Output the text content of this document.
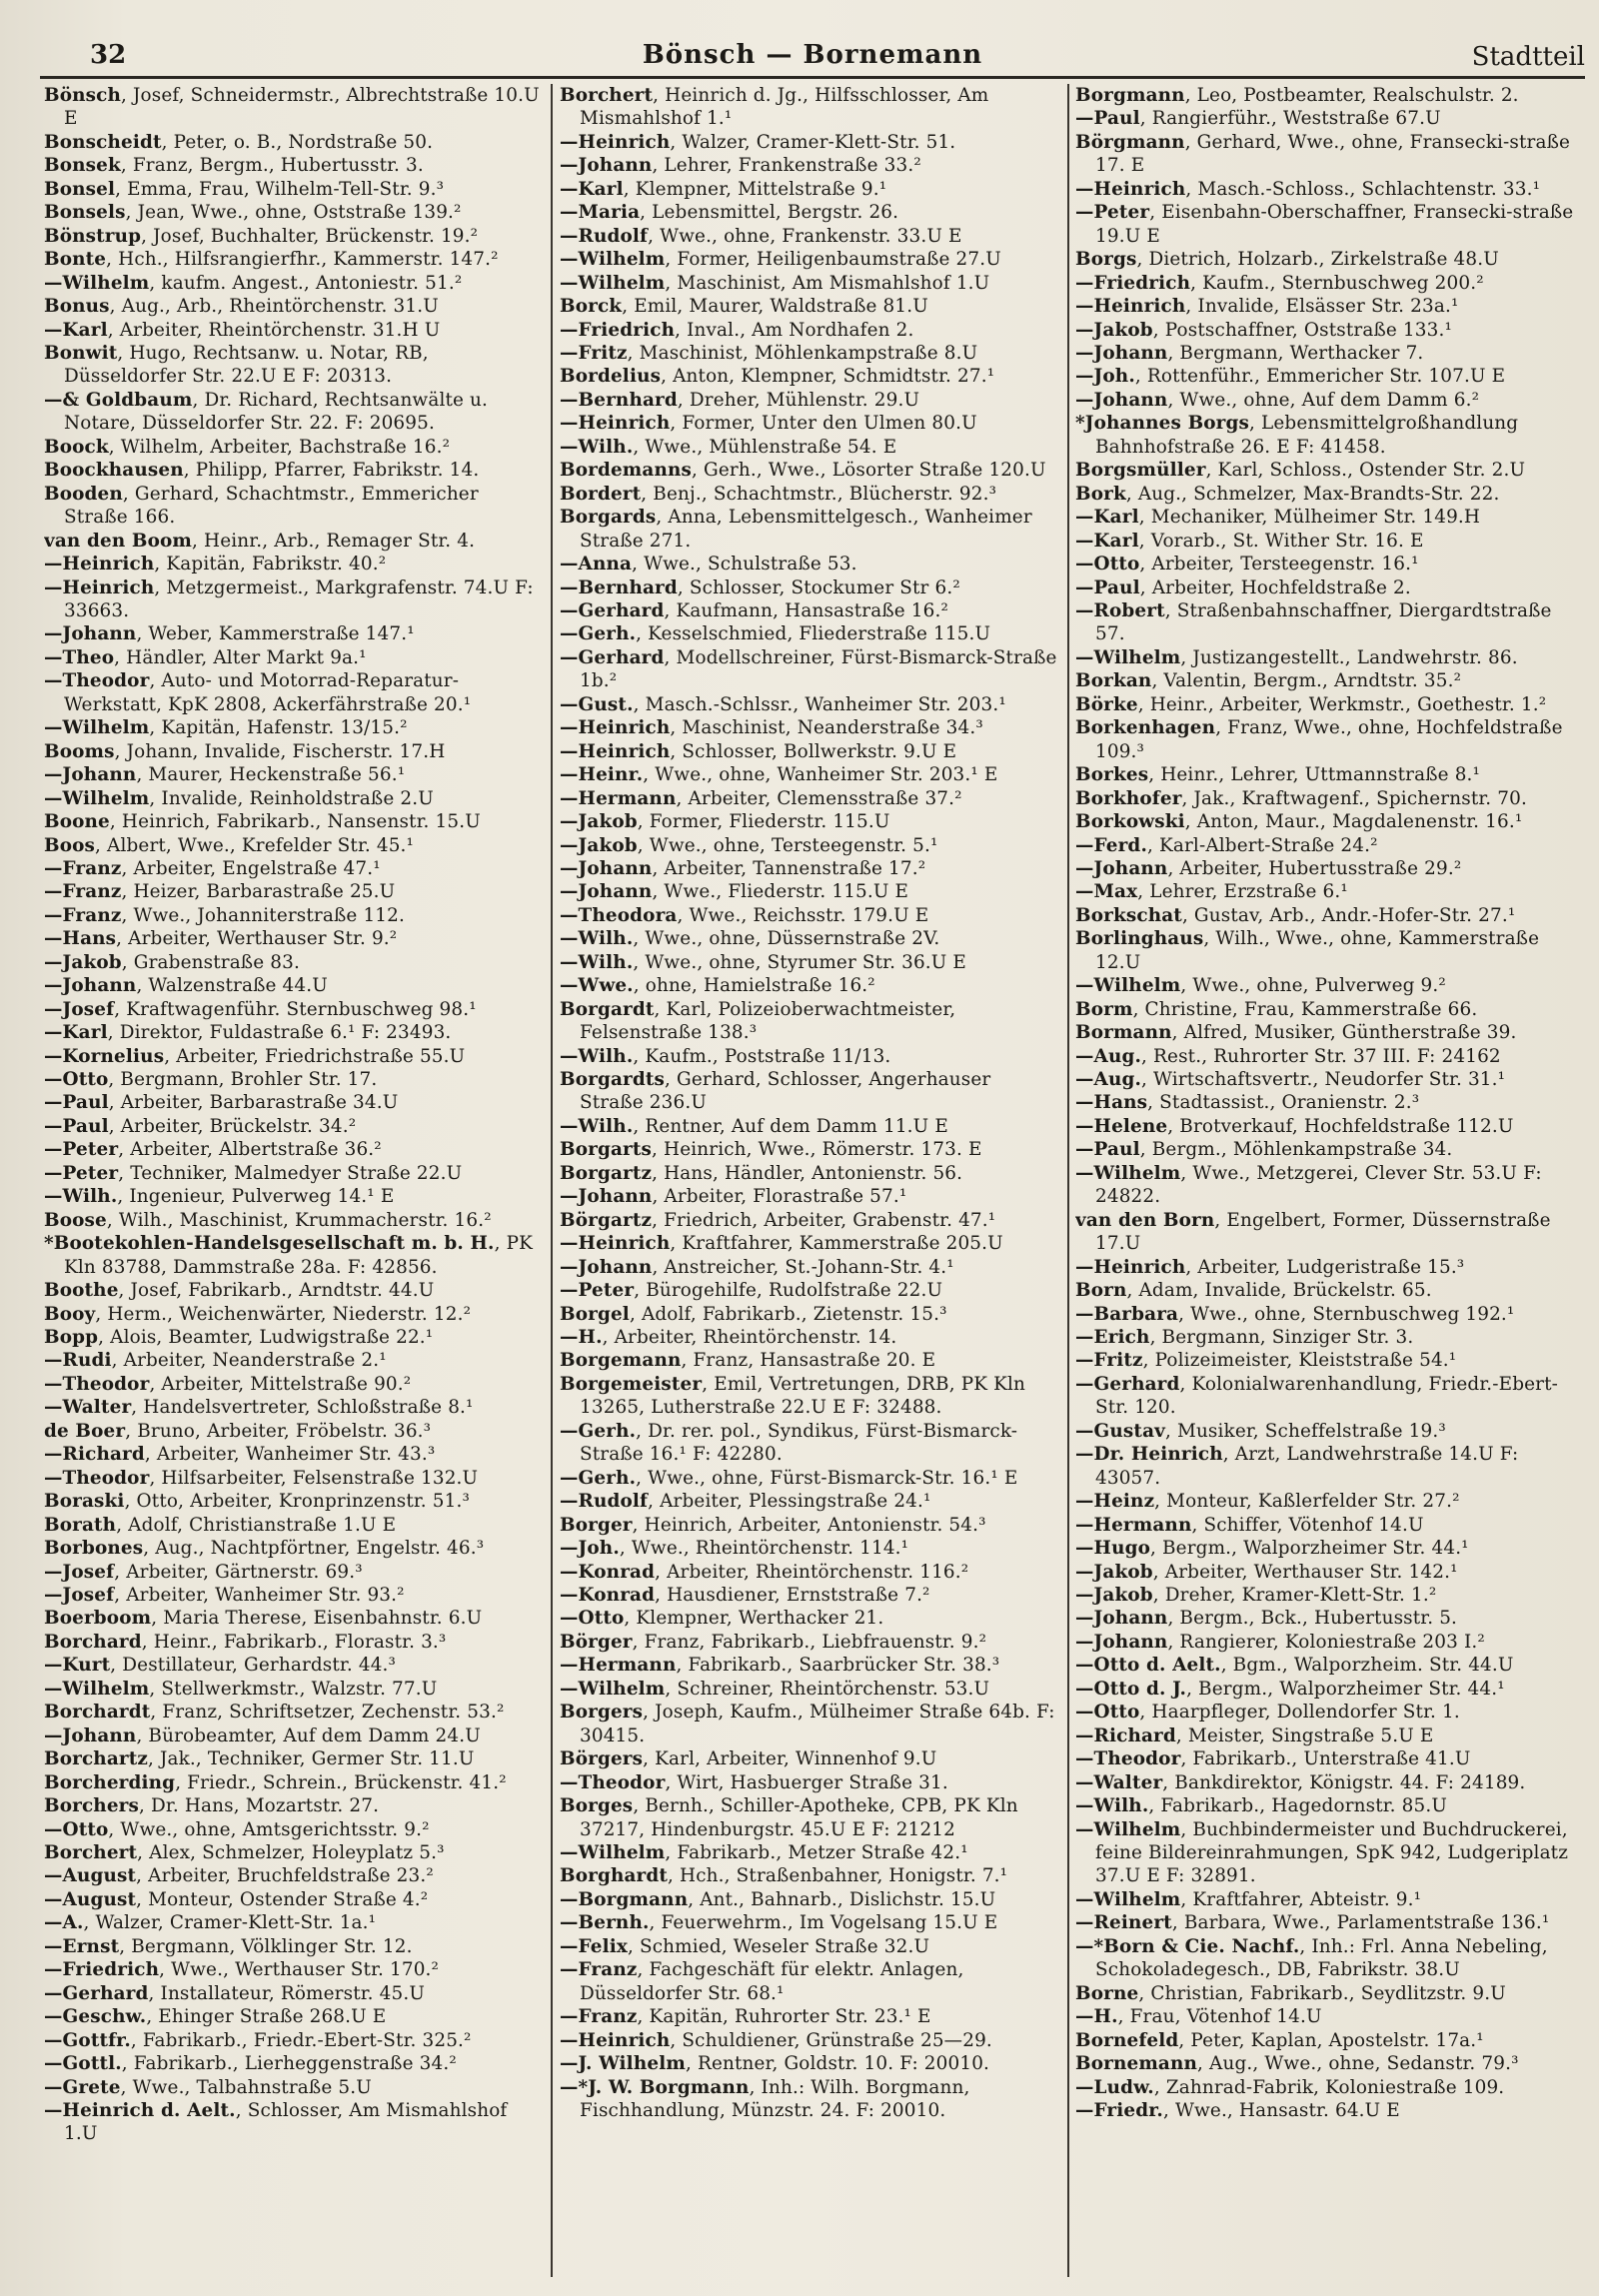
32	Bönsch — Bornemann	Stadtteil
Bönsch, Josef, Schneidermstr., Albrechtstraße 10.U E
Bonscheidt, Peter, o. B., Nordstraße 50.
Bonsek, Franz, Bergm., Hubertusstr. 3.
Bonsel, Emma, Frau, Wilhelm-Tell-Str. 9.³
Bonsels, Jean, Wwe., ohne, Oststraße 139.²
Bönstrup, Josef, Buchhalter, Brückenstr. 19.²
Bonte, Hch., Hilfsrangierfhr., Kammerstr. 147.²
—Wilhelm, kaufm. Angest., Antoniestr. 51.²
Bonus, Aug., Arb., Rheintörchenstr. 31.U
—Karl, Arbeiter, Rheintörchenstr. 31.H U
Bonwit, Hugo, Rechtsanw. u. Notar, RB, Düsseldorfer Str. 22.U E F: 20313.
—& Goldbaum, Dr. Richard, Rechtsanwälte u. Notare, Düsseldorfer Str. 22. F: 20695.
Boock, Wilhelm, Arbeiter, Bachstraße 16.²
Boockhausen, Philipp, Pfarrer, Fabrikstr. 14.
Booden, Gerhard, Schachtmstr., Emmericher Straße 166.
van den Boom, Heinr., Arb., Remager Str. 4.
—Heinrich, Kapitän, Fabrikstr. 40.²
—Heinrich, Metzgermeist., Markgrafenstr. 74.U F: 33663.
—Johann, Weber, Kammerstraße 147.¹
—Theo, Händler, Alter Markt 9a.¹
—Theodor, Auto- und Motorrad-Reparatur-Werkstatt, KpK 2808, Ackerfährstraße 20.¹
—Wilhelm, Kapitän, Hafenstr. 13/15.²
Booms, Johann, Invalide, Fischerstr. 17.H
—Johann, Maurer, Heckenstraße 56.¹
—Wilhelm, Invalide, Reinholdstraße 2.U
Boone, Heinrich, Fabrikarb., Nansenstr. 15.U
Boos, Albert, Wwe., Krefelder Str. 45.¹
—Franz, Arbeiter, Engelstraße 47.¹
—Franz, Heizer, Barbarastraße 25.U
—Franz, Wwe., Johanniterstraße 112.
—Hans, Arbeiter, Werthauser Str. 9.²
—Jakob, Grabenstraße 83.
—Johann, Walzenstraße 44.U
—Josef, Kraftwagenführ. Sternbuschweg 98.¹
—Karl, Direktor, Fuldastraße 6.¹ F: 23493.
—Kornelius, Arbeiter, Friedrichstraße 55.U
—Otto, Bergmann, Brohler Str. 17.
—Paul, Arbeiter, Barbarastraße 34.U
—Paul, Arbeiter, Brückelstr. 34.²
—Peter, Arbeiter, Albertstraße 36.²
—Peter, Techniker, Malmedyer Straße 22.U
—Wilh., Ingenieur, Pulverweg 14.¹ E
Boose, Wilh., Maschinist, Krummacherstr. 16.²
*Bootekohlen-Handelsgesellschaft m. b. H., PK Kln 83788, Dammstraße 28a. F: 42856.
Boothe, Josef, Fabrikarb., Arndtstr. 44.U
Booy, Herm., Weichenwärter, Niederstr. 12.²
Bopp, Alois, Beamter, Ludwigstraße 22.¹
—Rudi, Arbeiter, Neanderstraße 2.¹
—Theodor, Arbeiter, Mittelstraße 90.²
—Walter, Handelsvertreter, Schloßstraße 8.¹
de Boer, Bruno, Arbeiter, Fröbelstr. 36.³
—Richard, Arbeiter, Wanheimer Str. 43.³
—Theodor, Hilfsarbeiter, Felsenstraße 132.U
Boraski, Otto, Arbeiter, Kronprinzenstr. 51.³
Borath, Adolf, Christianstraße 1.U E
Borbones, Aug., Nachtpförtner, Engelstr. 46.³
—Josef, Arbeiter, Gärtnerstr. 69.³
—Josef, Arbeiter, Wanheimer Str. 93.²
Boerboom, Maria Therese, Eisenbahnstr. 6.U
Borchard, Heinr., Fabrikarb., Florastr. 3.³
—Kurt, Destillateur, Gerhardstr. 44.³
—Wilhelm, Stellwerkmstr., Walzstr. 77.U
Borchardt, Franz, Schriftsetzer, Zechenstr. 53.²
—Johann, Bürobeamter, Auf dem Damm 24.U
Borchartz, Jak., Techniker, Germer Str. 11.U
Borcherding, Friedr., Schrein., Brückenstr. 41.²
Borchers, Dr. Hans, Mozartstr. 27.
—Otto, Wwe., ohne, Amtsgerichtsstr. 9.²
Borchert, Alex, Schmelzer, Holeyplatz 5.³
—August, Arbeiter, Bruchfeldstraße 23.²
—August, Monteur, Ostender Straße 4.²
—A., Walzer, Cramer-Klett-Str. 1a.¹
—Ernst, Bergmann, Völklinger Str. 12.
—Friedrich, Wwe., Werthauser Str. 170.²
—Gerhard, Installateur, Römerstr. 45.U
—Geschw., Ehinger Straße 268.U E
—Gottfr., Fabrikarb., Friedr.-Ebert-Str. 325.²
—Gottl., Fabrikarb., Lierheggenstraße 34.²
—Grete, Wwe., Talbahnstraße 5.U
—Heinrich d. Aelt., Schlosser, Am Mismahlshof 1.U
Borchert, Heinrich d. Jg., Hilfsschlosser, Am Mismahlshof 1.¹
—Heinrich, Walzer, Cramer-Klett-Str. 51.
—Johann, Lehrer, Frankenstraße 33.²
—Karl, Klempner, Mittelstraße 9.¹
—Maria, Lebensmittel, Bergstr. 26.
—Rudolf, Wwe., ohne, Frankenstr. 33.U E
—Wilhelm, Former, Heiligenbaumstraße 27.U
—Wilhelm, Maschinist, Am Mismahlshof 1.U
Borck, Emil, Maurer, Waldstraße 81.U
—Friedrich, Inval., Am Nordhafen 2.
—Fritz, Maschinist, Möhlenkampstraße 8.U
Bordelius, Anton, Klempner, Schmidtstr. 27.¹
—Bernhard, Dreher, Mühlenstr. 29.U
—Heinrich, Former, Unter den Ulmen 80.U
—Wilh., Wwe., Mühlenstraße 54. E
Bordemanns, Gerh., Wwe., Lösorter Straße 120.U
Bordert, Benj., Schachtmstr., Blücherstr. 92.³
Borgards, Anna, Lebensmittelgesch., Wanheimer Straße 271.
—Anna, Wwe., Schulstraße 53.
—Bernhard, Schlosser, Stockumer Str 6.²
—Gerhard, Kaufmann, Hansastraße 16.²
—Gerh., Kesselschmied, Fliederstraße 115.U
—Gerhard, Modellschreiner, Fürst-Bismarck-Straße 1b.²
—Gust., Masch.-Schlssr., Wanheimer Str. 203.¹
—Heinrich, Maschinist, Neanderstraße 34.³
—Heinrich, Schlosser, Bollwerkstr. 9.U E
—Heinr., Wwe., ohne, Wanheimer Str. 203.¹ E
—Hermann, Arbeiter, Clemensstraße 37.²
—Jakob, Former, Fliederstr. 115.U
—Jakob, Wwe., ohne, Tersteegenstr. 5.¹
—Johann, Arbeiter, Tannenstraße 17.²
—Johann, Wwe., Fliederstr. 115.U E
—Theodora, Wwe., Reichsstr. 179.U E
—Wilh., Wwe., ohne, Düssernstraße 2V.
—Wilh., Wwe., ohne, Styrumer Str. 36.U E
—Wwe., ohne, Hamielstraße 16.²
Borgardt, Karl, Polizeioberwachtmeister, Felsenstraße 138.³
—Wilh., Kaufm., Poststraße 11/13.
Borgardts, Gerhard, Schlosser, Angerhauser Straße 236.U
—Wilh., Rentner, Auf dem Damm 11.U E
Borgarts, Heinrich, Wwe., Römerstr. 173. E
Borgartz, Hans, Händler, Antonienstr. 56.
—Johann, Arbeiter, Florastraße 57.¹
Börgartz, Friedrich, Arbeiter, Grabenstr. 47.¹
—Heinrich, Kraftfahrer, Kammerstraße 205.U
—Johann, Anstreicher, St.-Johann-Str. 4.¹
—Peter, Bürogehilfe, Rudolfstraße 22.U
Borgel, Adolf, Fabrikarb., Zietenstr. 15.³
—H., Arbeiter, Rheintörchenstr. 14.
Borgemann, Franz, Hansastraße 20. E
Borgemeister, Emil, Vertretungen, DRB, PK Kln 13265, Lutherstraße 22.U E F: 32488.
—Gerh., Dr. rer. pol., Syndikus, Fürst-Bismarck-Straße 16.¹ F: 42280.
—Gerh., Wwe., ohne, Fürst-Bismarck-Str. 16.¹ E
—Rudolf, Arbeiter, Plessingstraße 24.¹
Borger, Heinrich, Arbeiter, Antonienstr. 54.³
—Joh., Wwe., Rheintörchenstr. 114.¹
—Konrad, Arbeiter, Rheintörchenstr. 116.²
—Konrad, Hausdiener, Ernststraße 7.²
—Otto, Klempner, Werthacker 21.
Börger, Franz, Fabrikarb., Liebfrauenstr. 9.²
—Hermann, Fabrikarb., Saarbrücker Str. 38.³
—Wilhelm, Schreiner, Rheintörchenstr. 53.U
Borgers, Joseph, Kaufm., Mülheimer Straße 64b. F: 30415.
Börgers, Karl, Arbeiter, Winnenhof 9.U
—Theodor, Wirt, Hasbuerger Straße 31.
Borges, Bernh., Schiller-Apotheke, CPB, PK Kln 37217, Hindenburgstr. 45.U E F: 21212
—Wilhelm, Fabrikarb., Metzer Straße 42.¹
Borghardt, Hch., Straßenbahner, Honigstr. 7.¹
—Borgmann, Ant., Bahnarb., Dislichstr. 15.U
—Bernh., Feuerwehrm., Im Vogelsang 15.U E
—Felix, Schmied, Weseler Straße 32.U
—Franz, Fachgeschäft für elektr. Anlagen, Düsseldorfer Str. 68.¹
—Franz, Kapitän, Ruhrorter Str. 23.¹ E
—Heinrich, Schuldiener, Grünstraße 25—29.
—J. Wilhelm, Rentner, Goldstr. 10. F: 20010.
—*J. W. Borgmann, Inh.: Wilh. Borgmann, Fischhandlung, Münzstr. 24. F: 20010.
Borgmann, Leo, Postbeamter, Realschulstr. 2.
—Paul, Rangierführ., Weststraße 67.U
Börgmann, Gerhard, Wwe., ohne, Fransecki-straße 17. E
—Heinrich, Masch.-Schloss., Schlachtenstr. 33.¹
—Peter, Eisenbahn-Oberschaffner, Fransecki-straße 19.U E
Borgs, Dietrich, Holzarb., Zirkelstraße 48.U
—Friedrich, Kaufm., Sternbuschweg 200.²
—Heinrich, Invalide, Elsässer Str. 23a.¹
—Jakob, Postschaffner, Oststraße 133.¹
—Johann, Bergmann, Werthacker 7.
—Joh., Rottenführ., Emmericher Str. 107.U E
—Johann, Wwe., ohne, Auf dem Damm 6.²
*Johannes Borgs, Lebensmittelgroßhandlung Bahnhofstraße 26. E F: 41458.
Borgsmüller, Karl, Schloss., Ostender Str. 2.U
Bork, Aug., Schmelzer, Max-Brandts-Str. 22.
—Karl, Mechaniker, Mülheimer Str. 149.H
—Karl, Vorarb., St. Wither Str. 16. E
—Otto, Arbeiter, Tersteegenstr. 16.¹
—Paul, Arbeiter, Hochfeldstraße 2.
—Robert, Straßenbahnschaffner, Diergardtstraße 57.
—Wilhelm, Justizangestellt., Landwehrstr. 86.
Borkan, Valentin, Bergm., Arndtstr. 35.²
Börke, Heinr., Arbeiter, Werkmstr., Goethestr. 1.²
Borkenhagen, Franz, Wwe., ohne, Hochfeldstraße 109.³
Borkes, Heinr., Lehrer, Uttmannstraße 8.¹
Borkhofer, Jak., Kraftwagenf., Spichernstr. 70.
Borkowski, Anton, Maur., Magdalenenstr. 16.¹
—Ferd., Karl-Albert-Straße 24.²
—Johann, Arbeiter, Hubertusstraße 29.²
—Max, Lehrer, Erzstraße 6.¹
Borkschat, Gustav, Arb., Andr.-Hofer-Str. 27.¹
Borlinghaus, Wilh., Wwe., ohne, Kammerstraße 12.U
—Wilhelm, Wwe., ohne, Pulverweg 9.²
Borm, Christine, Frau, Kammerstraße 66.
Bormann, Alfred, Musiker, Güntherstraße 39.
—Aug., Rest., Ruhrorter Str. 37 III. F: 24162
—Aug., Wirtschaftsvertr., Neudorfer Str. 31.¹
—Hans, Stadtassist., Oranienstr. 2.³
—Helene, Brotverkauf, Hochfeldstraße 112.U
—Paul, Bergm., Möhlenkampstraße 34.
—Wilhelm, Wwe., Metzgerei, Clever Str. 53.U F: 24822.
van den Born, Engelbert, Former, Düssernstraße 17.U
—Heinrich, Arbeiter, Ludgeristraße 15.³
Born, Adam, Invalide, Brückelstr. 65.
—Barbara, Wwe., ohne, Sternbuschweg 192.¹
—Erich, Bergmann, Sinziger Str. 3.
—Fritz, Polizeimeister, Kleiststraße 54.¹
—Gerhard, Kolonialwarenhandlung, Friedr.-Ebert-Str. 120.
—Gustav, Musiker, Scheffelstraße 19.³
—Dr. Heinrich, Arzt, Landwehrstraße 14.U F: 43057.
—Heinz, Monteur, Kaßlerfelder Str. 27.²
—Hermann, Schiffer, Vötenhof 14.U
—Hugo, Bergm., Walporzheimer Str. 44.¹
—Jakob, Arbeiter, Werthauser Str. 142.¹
—Jakob, Dreher, Kramer-Klett-Str. 1.²
—Johann, Bergm., Bck., Hubertusstr. 5.
—Johann, Rangierer, Koloniestraße 203 I.²
—Otto d. Aelt., Bgm., Walporzheim. Str. 44.U
—Otto d. J., Bergm., Walporzheimer Str. 44.¹
—Otto, Haarpfleger, Dollendorfer Str. 1.
—Richard, Meister, Singstraße 5.U E
—Theodor, Fabrikarb., Unterstraße 41.U
—Walter, Bankdirektor, Königstr. 44. F: 24189.
—Wilh., Fabrikarb., Hagedornstr. 85.U
—Wilhelm, Buchbindermeister und Buchdruckerei, feine Bildereinrahmungen, SpK 942, Ludgeriplatz 37.U E F: 32891.
—Wilhelm, Kraftfahrer, Abteistr. 9.¹
—Reinert, Barbara, Wwe., Parlamentstraße 136.¹
—*Born & Cie. Nachf., Inh.: Frl. Anna Nebeling, Schokoladegesch., DB, Fabrikstr. 38.U
Borne, Christian, Fabrikarb., Seydlitzstr. 9.U
—H., Frau, Vötenhof 14.U
Bornefeld, Peter, Kaplan, Apostelstr. 17a.¹
Bornemann, Aug., Wwe., ohne, Sedanstr. 79.³
—Ludw., Zahnrad-Fabrik, Koloniestraße 109.
—Friedr., Wwe., Hansastr. 64.U E
